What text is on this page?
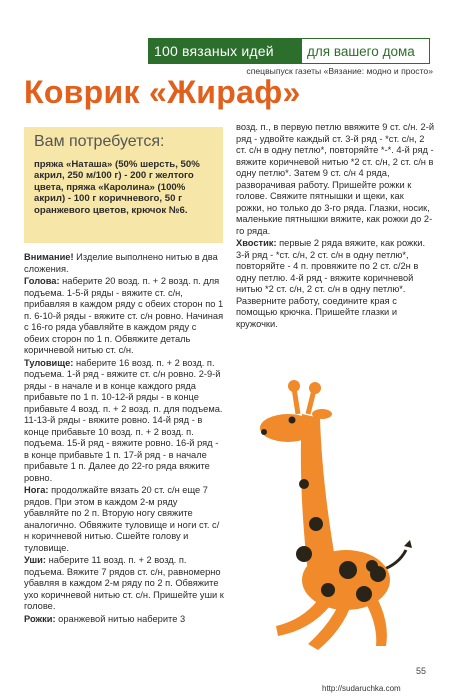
100 вязаных идей	для вашего дома
спецвыпуск газеты «Вязание: модно и просто»
Коврик «Жираф»
Вам потребуется:

пряжа «Наташа» (50% шерсть, 50% акрил, 250 м/100 г) - 200 г желтого цвета, пряжа «Каролина» (100% акрил) - 100 г коричневого, 50 г оранжевого цветов, крючок №6.

Внимание! Изделие выполнено нитью в два сложения.

Голова: наберите 20 возд. п. + 2 возд. п. для подъема. 1-5-й ряды - вяжите ст. с/н, прибавляя в каждом ряду с обеих сторон по 1 п. 6-10-й ряды - вяжите ст. с/н ровно. Начиная с 16-го ряда убавляйте в каждом ряду с обеих сторон по 1 п. Обвяжите деталь коричневой нитью ст. с/н.

Туловище: наберите 16 возд. п. + 2 возд. п. подъема. 1-й ряд - вяжите ст. с/н ровно. 2-9-й ряды - в начале и в конце каждого ряда прибавьте по 1 п. 10-12-й ряды - в конце прибавьте 4 возд. п. + 2 возд. п. для подъема. 11-13-й ряды - вяжите ровно. 14-й ряд - в конце прибавьте 10 возд. п. + 2 возд. п. подъема. 15-й ряд - вяжите ровно. 16-й ряд - в конце прибавьте 1 п. 17-й ряд - в начале прибавьте 1 п. Далее до 22-го ряда вяжите ровно.

Нога: продолжайте вязать 20 ст. с/н еще 7 рядов. При этом в каждом 2-м ряду убавляйте по 2 п. Вторую ногу свяжите аналогично. Обвяжите туловище и ноги ст. с/н коричневой нитью. Сшейте голову и туловище.

Уши: наберите 11 возд. п. + 2 возд. п. подъема. Вяжите 7 рядов ст. с/н, равномерно убавляя в каждом 2-м ряду по 2 п. Обвяжите ухо коричневой нитью ст. с/н. Пришейте уши к голове.

Рожки: оранжевой нитью наберите 3

возд. п., в первую петлю ввяжите 9 ст. с/н. 2-й ряд - удвойте каждый ст. 3-й ряд - *ст. с/н, 2 ст. с/н в одну петлю*, повторяйте *-*. 4-й ряд - вяжите коричневой нитью *2 ст. с/н, 2 ст. с/н в одну петлю*. Затем 9 ст. с/н 4 ряда, разворачивая работу. Пришейте рожки к голове. Свяжите пятнышки и щеки, как рожки, но только до 3-го ряда. Глазки, носик, маленькие пятнышки вяжите, как рожки до 2-го ряда.

Хвостик: первые 2 ряда вяжите, как рожки. 3-й ряд - *ст. с/н, 2 ст. с/н в одну петлю*, повторяйте - 4 п. провяжите по 2 ст. с/2н в одну петлю. 4-й ряд - вяжите коричневой нитью *2 ст. с/н, 2 ст. с/н в одну петлю*. Разверните работу, соедините края с помощью крючка. Пришейте глазки и кружочки.

55
http://sudaruchka.com
